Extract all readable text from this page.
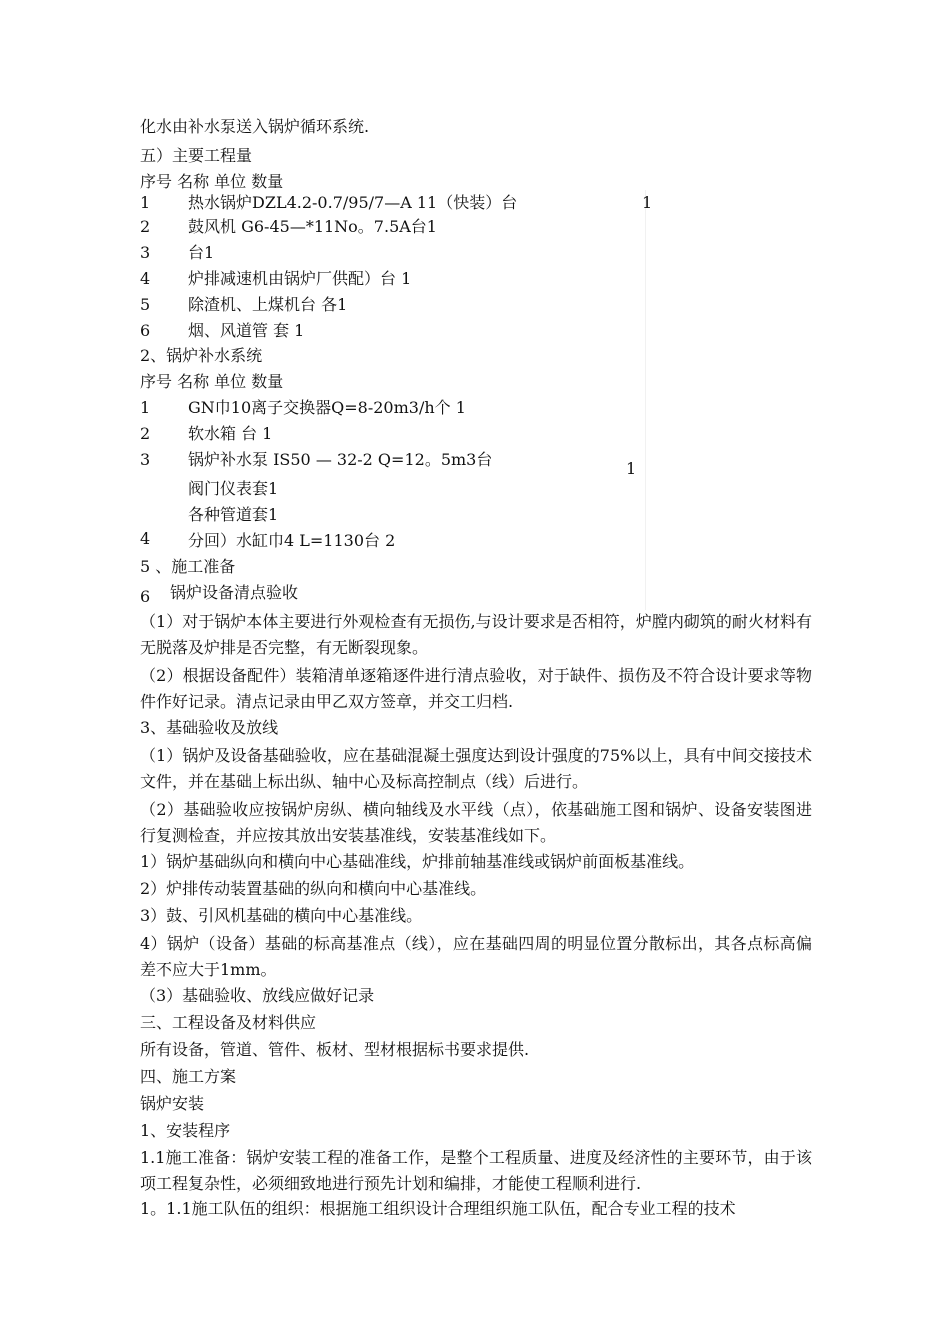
化水由补水泵送入锅炉循环系统.
五）主要工程量
序号 名称 单位 数量
1 热水锅炉DZL4.2-0.7/95/7—A 11（快装）台	1
2 鼓风机 G6-45—*11No。7.5A台1
3 台1
4 炉排减速机由锅炉厂供配）台 1
5 除渣机、上煤机台 各1
6 烟、风道管 套 1
2、锅炉补水系统
序号 名称 单位 数量
1 GN巾10离子交换器Q=8-20m3/h个 1
2 软水箱 台 1
3 锅炉补水泵 IS50 — 32-2 Q=12。5m3台	1
阀门仪表套1
各种管道套1
4 分回）水缸巾4 L=1130台 2
5 、施工准备
6 锅炉设备清点验收
（1）对于锅炉本体主要进行外观检查有无损伤,与设计要求是否相符，炉膛内砌筑的耐火材料有无脱落及炉排是否完整，有无断裂现象。
（2）根据设备配件）装箱清单逐箱逐件进行清点验收，对于缺件、损伤及不符合设计要求等物件作好记录。清点记录由甲乙双方签章，并交工归档.
3、基础验收及放线
（1）锅炉及设备基础验收，应在基础混凝土强度达到设计强度的75%以上，具有中间交接技术文件，并在基础上标出纵、轴中心及标高控制点（线）后进行。
（2）基础验收应按锅炉房纵、横向轴线及水平线（点），依基础施工图和锅炉、设备安装图进行复测检查，并应按其放出安装基准线，安装基准线如下。
1）锅炉基础纵向和横向中心基础准线，炉排前轴基准线或锅炉前面板基准线。
2）炉排传动装置基础的纵向和横向中心基准线。
3）鼓、引风机基础的横向中心基准线。
4）锅炉（设备）基础的标高基准点（线），应在基础四周的明显位置分散标出，其各点标高偏差不应大于1mm。
（3）基础验收、放线应做好记录
三、工程设备及材料供应
所有设备，管道、管件、板材、型材根据标书要求提供.
四、施工方案
锅炉安装
1、安装程序
1.1施工准备：锅炉安装工程的准备工作，是整个工程质量、进度及经济性的主要环节，由于该项工程复杂性，必须细致地进行预先计划和编排，才能使工程顺利进行.
1。1.1施工队伍的组织：根据施工组织设计合理组织施工队伍，配合专业工程的技术
